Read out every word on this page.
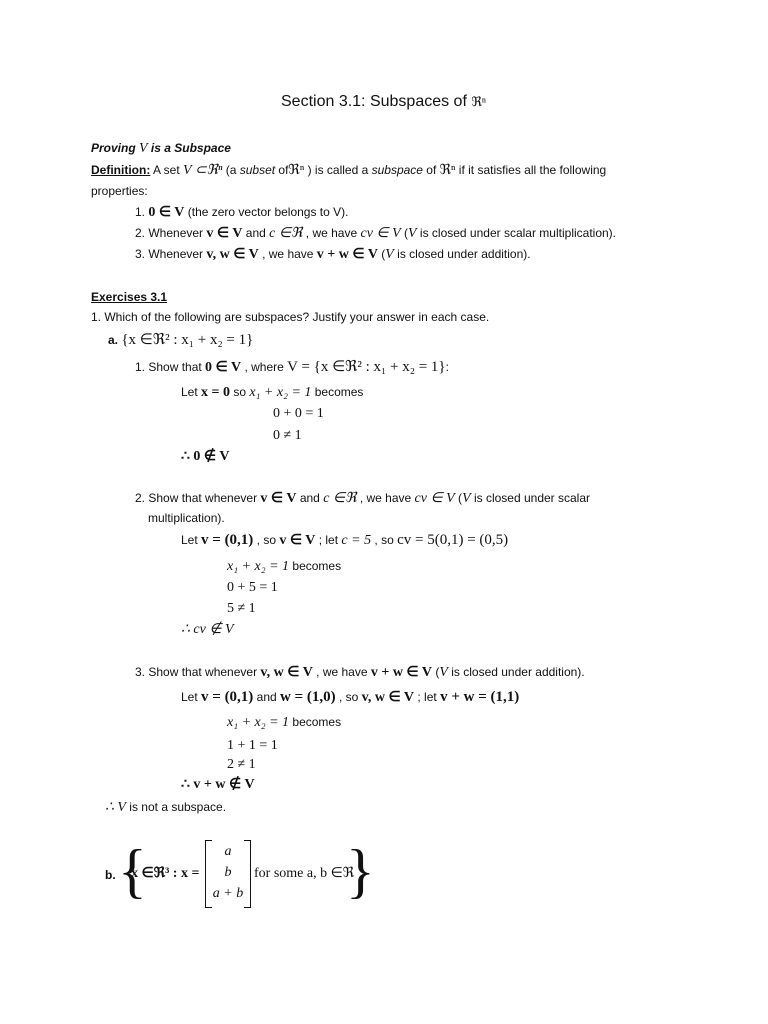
Section 3.1: Subspaces of ℜⁿ
Proving V is a Subspace
Definition: A set V ⊂ℜⁿ (a subset ofℜⁿ ) is called a subspace of ℜⁿ if it satisfies all the following
properties:
1. 0 ∈ V (the zero vector belongs to V).
2. Whenever v ∈ V and c ∈ℜ , we have cv ∈ V (V is closed under scalar multiplication).
3. Whenever v, w ∈ V , we have v + w ∈ V (V is closed under addition).
Exercises 3.1
1. Which of the following are subspaces? Justify your answer in each case.
a. {x ∈ℜ² : x₁ + x₂ = 1}
1. Show that 0 ∈ V , where V = {x ∈ℜ² : x₁ + x₂ = 1}:
Let x = 0 so x₁ + x₂ = 1 becomes
0 + 0 = 1
0 ≠ 1
∴ 0 ∉ V
2. Show that whenever v ∈ V and c ∈ℜ , we have cv ∈ V (V is closed under scalar
multiplication).
Let v = (0,1) , so v ∈ V ; let c = 5 , so cv = 5(0,1) = (0,5)
x₁ + x₂ = 1 becomes
0 + 5 = 1
5 ≠ 1
∴ cv ∉ V
3. Show that whenever v, w ∈ V , we have v + w ∈ V (V is closed under addition).
Let v = (0,1) and w = (1,0) , so v, w ∈ V ; let v + w = (1,1)
x₁ + x₂ = 1 becomes
1 + 1 = 1
2 ≠ 1
∴ v + w ∉ V
∴ V is not a subspace.
b. {
x ∈ℜ³ : x =
a
b
a + b
for some a, b ∈ℜ
}
